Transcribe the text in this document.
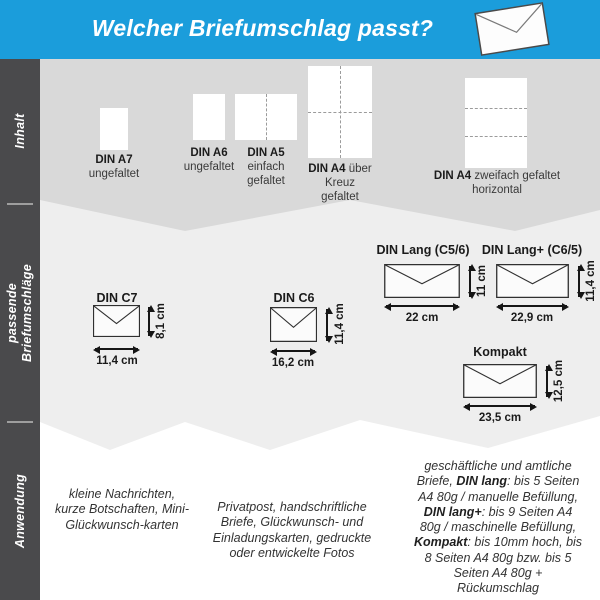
Welcher Briefumschlag passt?
Inhalt
passende Briefumschläge
Anwendung
DIN A7 ungefaltet
DIN A6 ungefaltet
DIN A5 einfach gefaltet
DIN A4 über Kreuz gefaltet
DIN A4 zweifach gefaltet horizontal
DIN C7
8,1 cm
11,4 cm
DIN C6
11,4 cm
16,2 cm
DIN Lang (C5/6)
11 cm
22 cm
DIN Lang+ (C6/5)
11,4 cm
22,9 cm
Kompakt
12,5 cm
23,5 cm
kleine Nachrichten, kurze Botschaften, Mini-Glückwunsch-karten
Privatpost, handschriftliche Briefe, Glückwunsch- und Einladungskarten, gedruckte oder entwickelte Fotos
geschäftliche und amtliche Briefe, DIN lang: bis 5 Seiten A4 80g / manuelle Befüllung, DIN lang+: bis 9 Seiten A4 80g / maschinelle Befüllung, Kompakt: bis 10mm hoch, bis 8 Seiten A4 80g bzw. bis 5 Seiten A4 80g + Rückumschlag
